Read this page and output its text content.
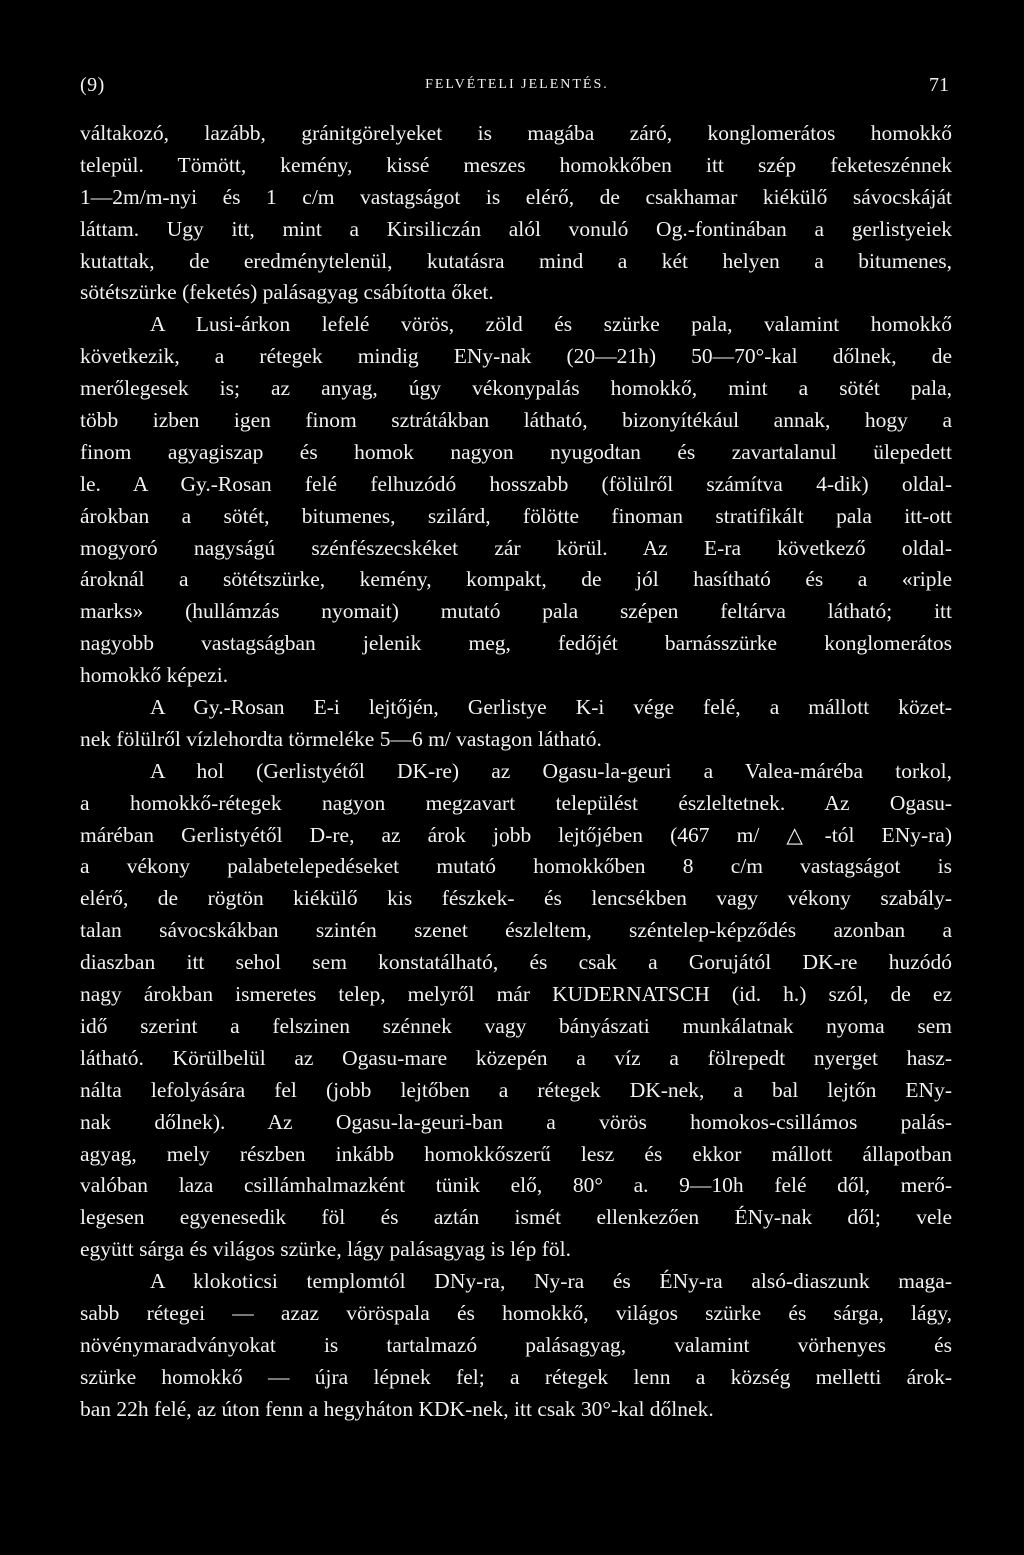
(9)	FELVÉTELI JELENTÉS.	71
váltakozó, lazább, gránitgörelyeket is magába záró, konglomerátos homokkő
települ. Tömött, kemény, kissé meszes homokkőben itt szép feketeszénnek
1—2m/m-nyi és 1 c/m vastagságot is elérő, de csakhamar kiékülő sávocskáját
láttam. Ugy itt, mint a Kirsiliczán alól vonuló Og.-fontinában a gerlistyeiek
kutattak, de eredménytelenül, kutatásra mind a két helyen a bitumenes,
sötétszürke (feketés) palásagyag csábította őket.
A Lusi-árkon lefelé vörös, zöld és szürke pala, valamint homokkő
következik, a rétegek mindig ENy-nak (20—21h) 50—70°-kal dőlnek, de
merőlegesek is; az anyag, úgy vékonypalás homokkő, mint a sötét pala,
több izben igen finom sztrátákban látható, bizonyítékául annak, hogy a
finom agyagiszap és homok nagyon nyugodtan és zavartalanul ülepedett
le. A Gy.-Rosan felé felhuzódó hosszabb (fölülről számítva 4-dik) oldal-
árokban a sötét, bitumenes, szilárd, fölötte finoman stratifikált pala itt-ott
mogyoró nagyságú szénfészecskéket zár körül. Az E-ra következő oldal-
ároknál a sötétszürke, kemény, kompakt, de jól hasítható és a «riple
marks» (hullámzás nyomait) mutató pala szépen feltárva látható; itt
nagyobb vastagságban jelenik meg, fedőjét barnásszürke konglomerátos
homokkő képezi.
A Gy.-Rosan E-i lejtőjén, Gerlistye K-i vége felé, a mállott közet-
nek fölülről vízlehordta törmeléke 5—6 m/ vastagon látható.
A hol (Gerlistyétől DK-re) az Ogasu-la-geuri a Valea-máréba torkol,
a homokkő-rétegek nagyon megzavart települést észleltetnek. Az Ogasu-
máréban Gerlistyétől D-re, az árok jobb lejtőjében (467 m/ △-tól ENy-ra)
a vékony palabetelepedéseket mutató homokkőben 8 c/m vastagságot is
elérő, de rögtön kiékülő kis fészkek- és lencsékben vagy vékony szabály-
talan sávocskákban szintén szenet észleltem, széntelep-képződés azonban a
diaszban itt sehol sem konstatálható, és csak a Gorujától DK-re huzódó
nagy árokban ismeretes telep, melyről már KUDERNATSCH (id. h.) szól, de ez
idő szerint a felszinen szénnek vagy bányászati munkálatnak nyoma sem
látható. Körülbelül az Ogasu-mare közepén a víz a fölrepedt nyerget hasz-
nálta lefolyására fel (jobb lejtőben a rétegek DK-nek, a bal lejtőn ENy-
nak dőlnek). Az Ogasu-la-geuri-ban a vörös homokos-csillámos palás-
agyag, mely részben inkább homokkőszerű lesz és ekkor mállott állapotban
valóban laza csillámhalmazként tünik elő, 80° a. 9—10h felé dől, merő-
legesen egyenesedik föl és aztán ismét ellenkezően ÉNy-nak dől; vele
együtt sárga és világos szürke, lágy palásagyag is lép föl.
A klokoticsi templomtól DNy-ra, Ny-ra és ÉNy-ra alsó-diaszunk maga-
sabb rétegei — azaz vöröspala és homokkő, világos szürke és sárga, lágy,
növénymaradványokat is tartalmazó palásagyag, valamint vörhenyes és
szürke homokkő — újra lépnek fel; a rétegek lenn a község melletti árok-
ban 22h felé, az úton fenn a hegyháton KDK-nek, itt csak 30°-kal dőlnek.
